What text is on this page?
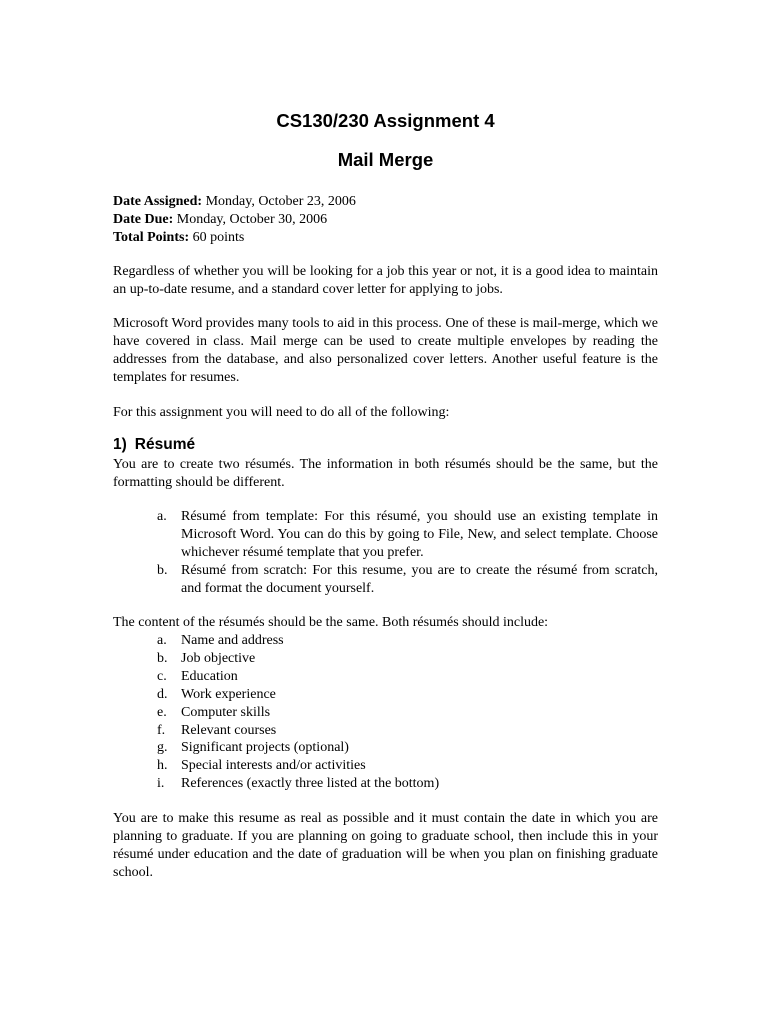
CS130/230 Assignment 4
Mail Merge
Date Assigned: Monday, October 23, 2006
Date Due: Monday, October 30, 2006
Total Points: 60 points

Regardless of whether you will be looking for a job this year or not, it is a good idea to maintain an up-to-date resume, and a standard cover letter for applying to jobs.

Microsoft Word provides many tools to aid in this process. One of these is mail-merge, which we have covered in class. Mail merge can be used to create multiple envelopes by reading the addresses from the database, and also personalized cover letters. Another useful feature is the templates for resumes.

For this assignment you will need to do all of the following:

1) Résumé

You are to create two résumés. The information in both résumés should be the same, but the formatting should be different.

a. Résumé from template: For this résumé, you should use an existing template in Microsoft Word. You can do this by going to File, New, and select template. Choose whichever résumé template that you prefer.
b. Résumé from scratch: For this resume, you are to create the résumé from scratch, and format the document yourself.

The content of the résumés should be the same. Both résumés should include:

a. Name and address
b. Job objective
c. Education
d. Work experience
e. Computer skills
f. Relevant courses
g. Significant projects (optional)
h. Special interests and/or activities
i. References (exactly three listed at the bottom)

You are to make this resume as real as possible and it must contain the date in which you are planning to graduate. If you are planning on going to graduate school, then include this in your résumé under education and the date of graduation will be when you plan on finishing graduate school.
